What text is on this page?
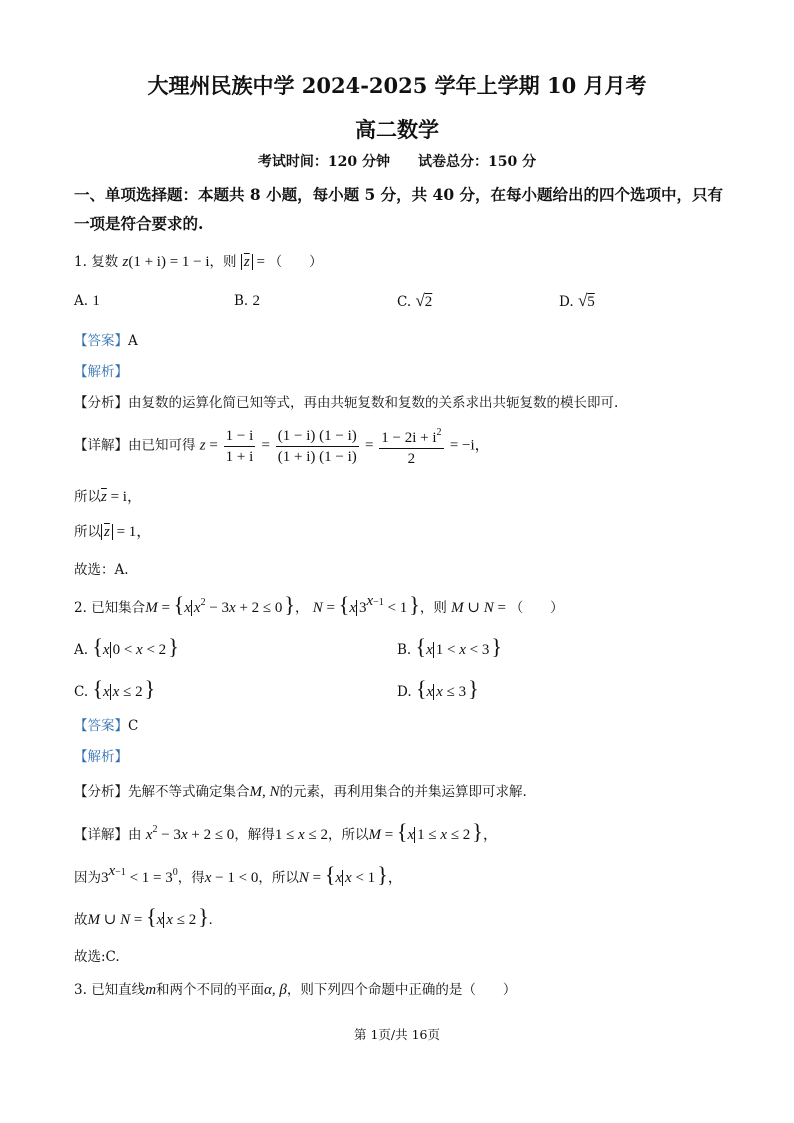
大理州民族中学 2024-2025 学年上学期 10 月月考
高二数学
考试时间：120 分钟　　试卷总分：150 分
一、单项选择题：本题共 8 小题，每小题 5 分，共 40 分，在每小题给出的四个选项中，只有
一项是符合要求的.
1. 复数 z(1 + i) = 1 − i，则 $\overline{z}$ = （　　）
A. 1	B. 2	C. √2	D. √5
【答案】A
【解析】
【分析】由复数的运算化简已知等式，再由共轭复数和复数的关系求出共轭复数的模长即可.
【详解】由已知可得 $z = \frac{1 - i}{1 + i} = \frac{(1 - i) (1 - i)}{(1 + i) (1 - i)} = \frac{1 - 2i + i^2}{2} = -i$，
所以$\overline{z} = i$，
所以 $\overline{z} = 1$，
故选：A.
2. 已知集合M = {x $x^2 - 3x + 2 \le 0$}， N = {x $3^{x-1} < 1$}，则 M ∪ N = （　　）
A. {x 0 < x < 2}	B. {x 1 < x < 3}
C. {x x ≤ 2}	D. {x x ≤ 3}
【答案】C
【解析】
【分析】先解不等式确定集合M, N的元素，再利用集合的并集运算即可求解.
【详解】由 $x^2 - 3x + 2 \le 0$，解得1 ≤ x ≤ 2，所以M = {x 1 ≤ x ≤ 2}，
因为$3^{x-1} < 1 = 3^0$，得x − 1 < 0，所以N = {x x < 1}，
故M ∪ N = {x x ≤ 2}.
故选:C.
3. 已知直线m和两个不同的平面α, β，则下列四个命题中正确的是（　　）
第 1页/共 16页
